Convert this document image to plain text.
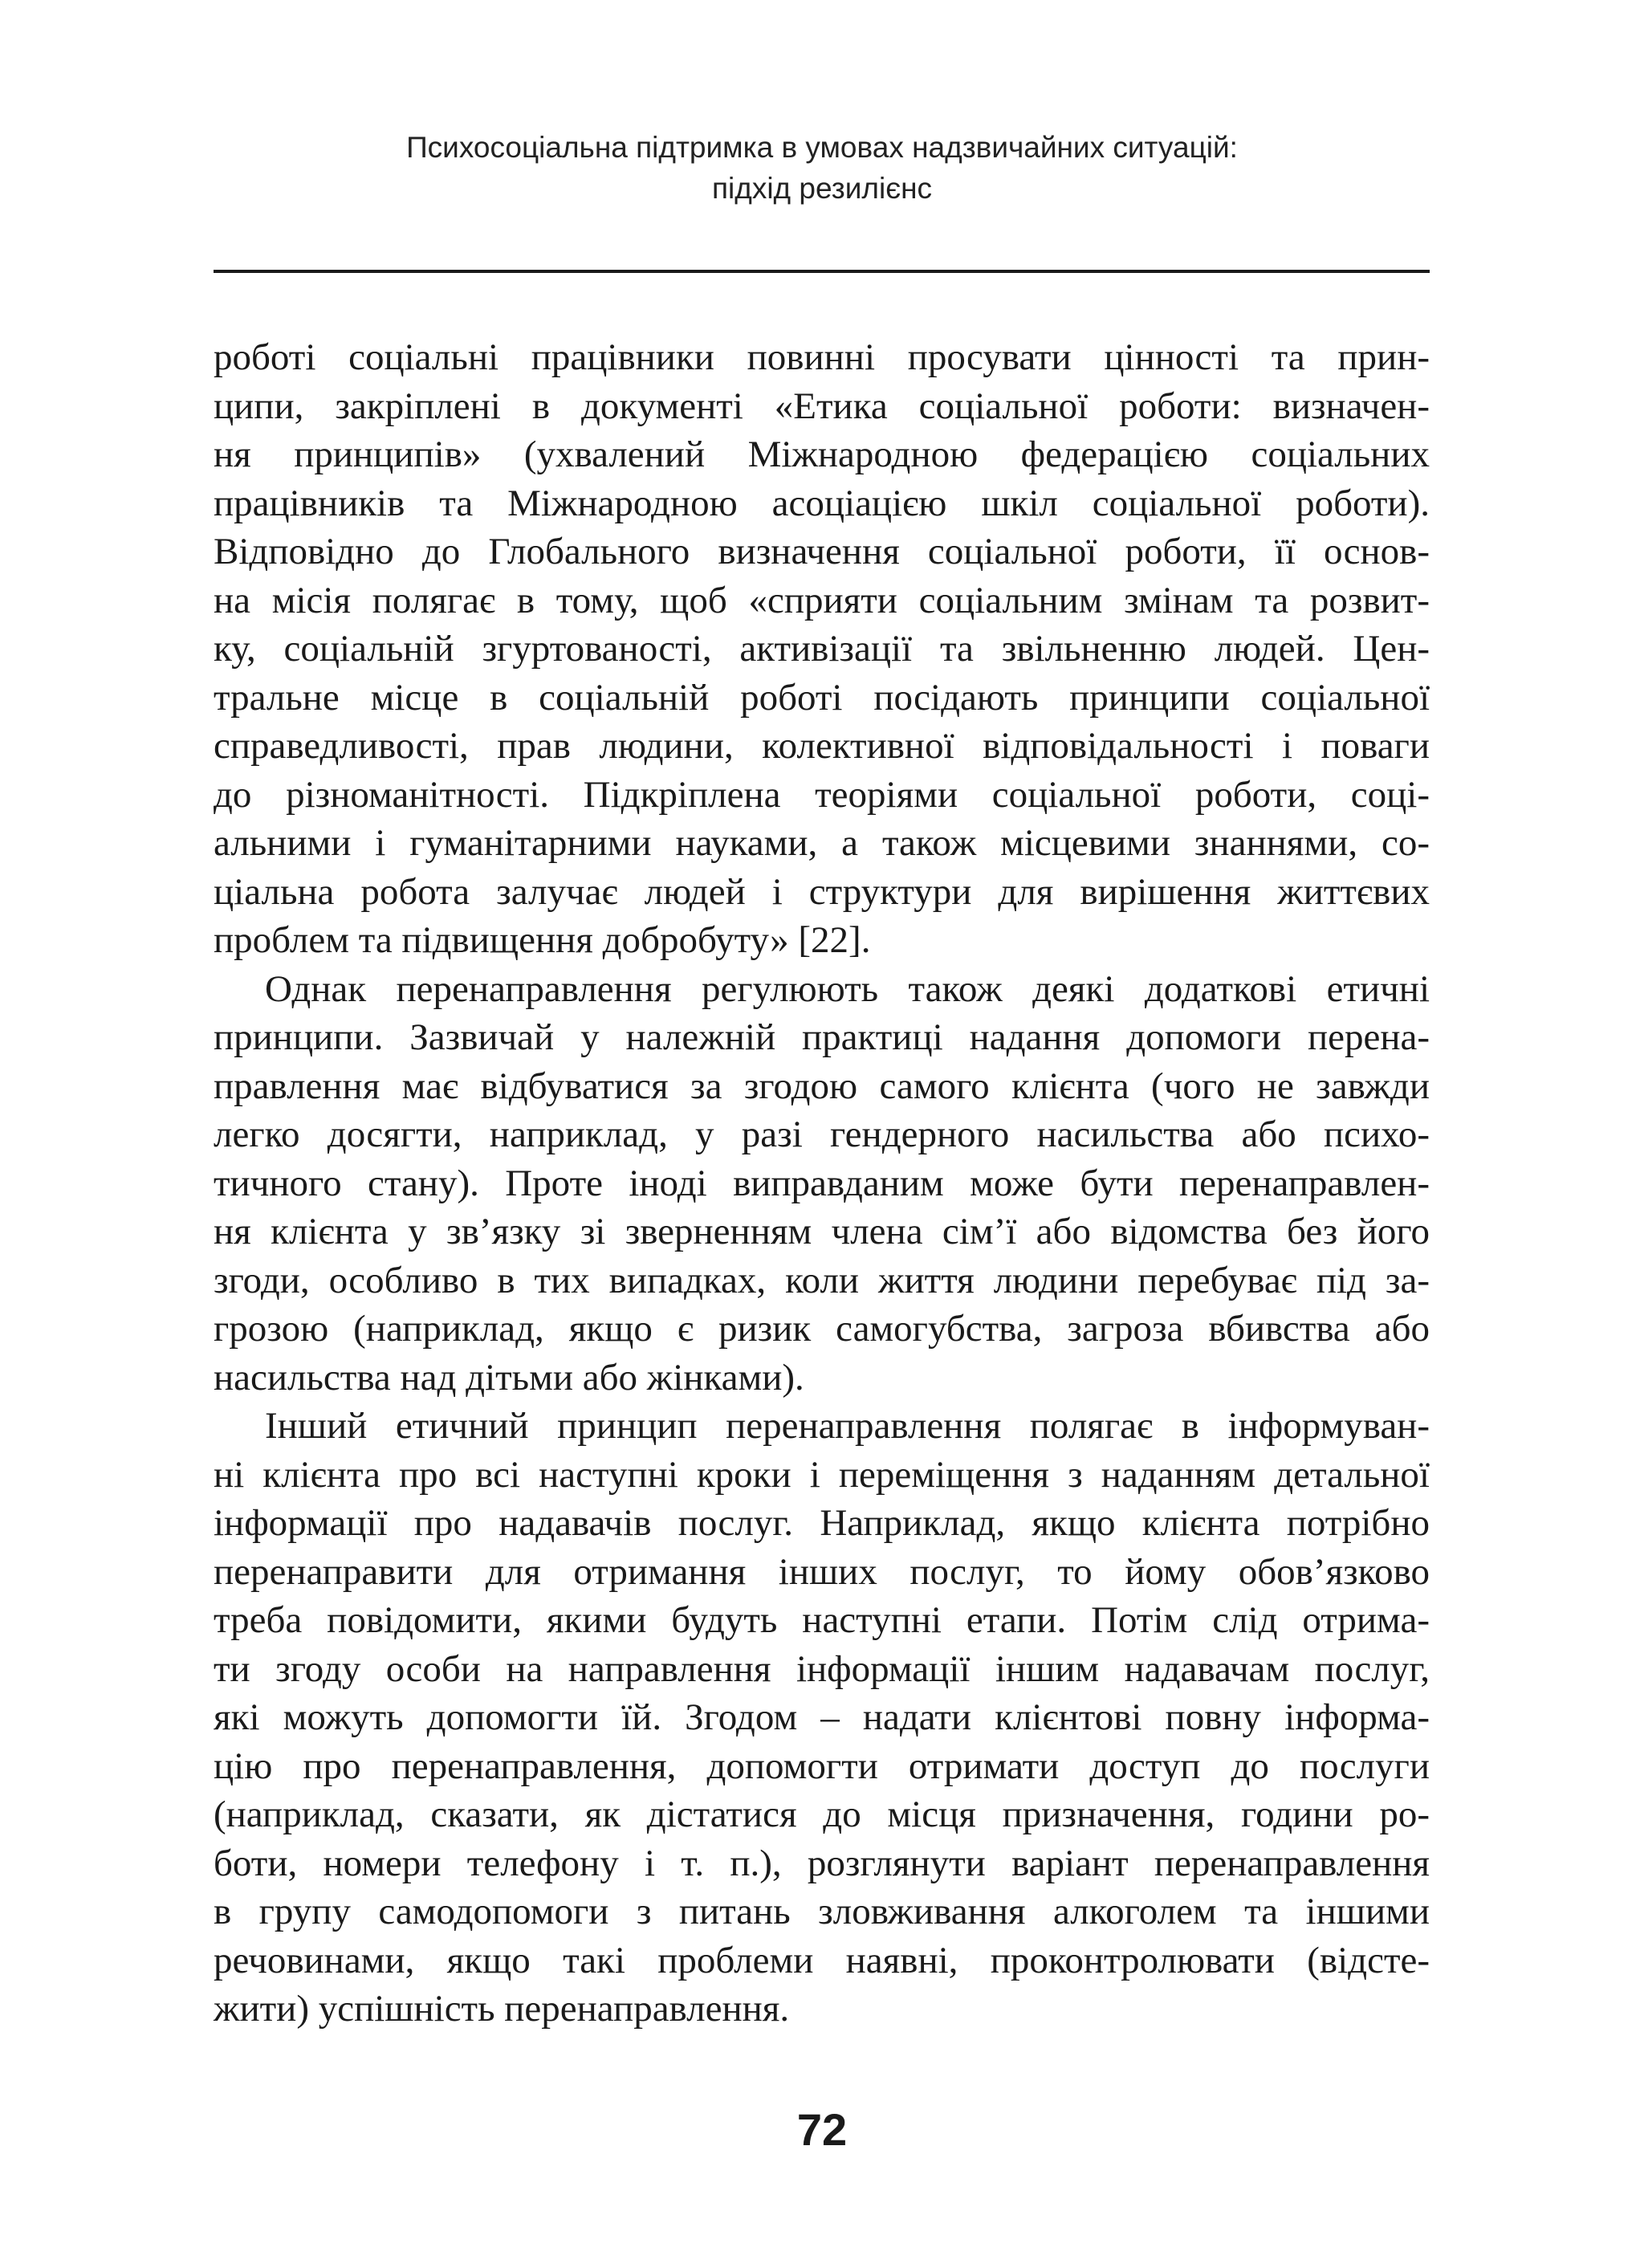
Психосоціальна підтримка в умовах надзвичайних ситуацій:
підхід резилієнс
роботі соціальні працівники повинні просувати цінності та прин-
ципи, закріплені в документі «Етика соціальної роботи: визначен-
ня принципів» (ухвалений Міжнародною федерацією соціальних
працівників та Міжнародною асоціацією шкіл соціальної роботи).
Відповідно до Глобального визначення соціальної роботи, її основ-
на місія полягає в тому, щоб «сприяти соціальним змінам та розвит-
ку, соціальній згуртованості, активізації та звільненню людей. Цен-
тральне місце в соціальній роботі посідають принципи соціальної
справедливості, прав людини, колективної відповідальності і поваги
до різноманітності. Підкріплена теоріями соціальної роботи, соці-
альними і гуманітарними науками, а також місцевими знаннями, со-
ціальна робота залучає людей і структури для вирішення життєвих
проблем та підвищення добробуту» [22].
Однак перенаправлення регулюють також деякі додаткові етичні
принципи. Зазвичай у належній практиці надання допомоги перена-
правлення має відбуватися за згодою самого клієнта (чого не завжди
легко досягти, наприклад, у разі гендерного насильства або психо-
тичного стану). Проте іноді виправданим може бути перенаправлен-
ня клієнта у зв’язку зі зверненням члена сім’ї або відомства без його
згоди, особливо в тих випадках, коли життя людини перебуває під за-
грозою (наприклад, якщо є ризик самогубства, загроза вбивства або
насильства над дітьми або жінками).
Інший етичний принцип перенаправлення полягає в інформуван-
ні клієнта про всі наступні кроки і переміщення з наданням детальної
інформації про надавачів послуг. Наприклад, якщо клієнта потрібно
перенаправити для отримання інших послуг, то йому обов’язково
треба повідомити, якими будуть наступні етапи. Потім слід отрима-
ти згоду особи на направлення інформації іншим надавачам послуг,
які можуть допомогти їй. Згодом – надати клієнтові повну інформа-
цію про перенаправлення, допомогти отримати доступ до послуги
(наприклад, сказати, як дістатися до місця призначення, години ро-
боти, номери телефону і т. п.), розглянути варіант перенаправлення
в групу самодопомоги з питань зловживання алкоголем та іншими
речовинами, якщо такі проблеми наявні, проконтролювати (відсте-
жити) успішність перенаправлення.
72
